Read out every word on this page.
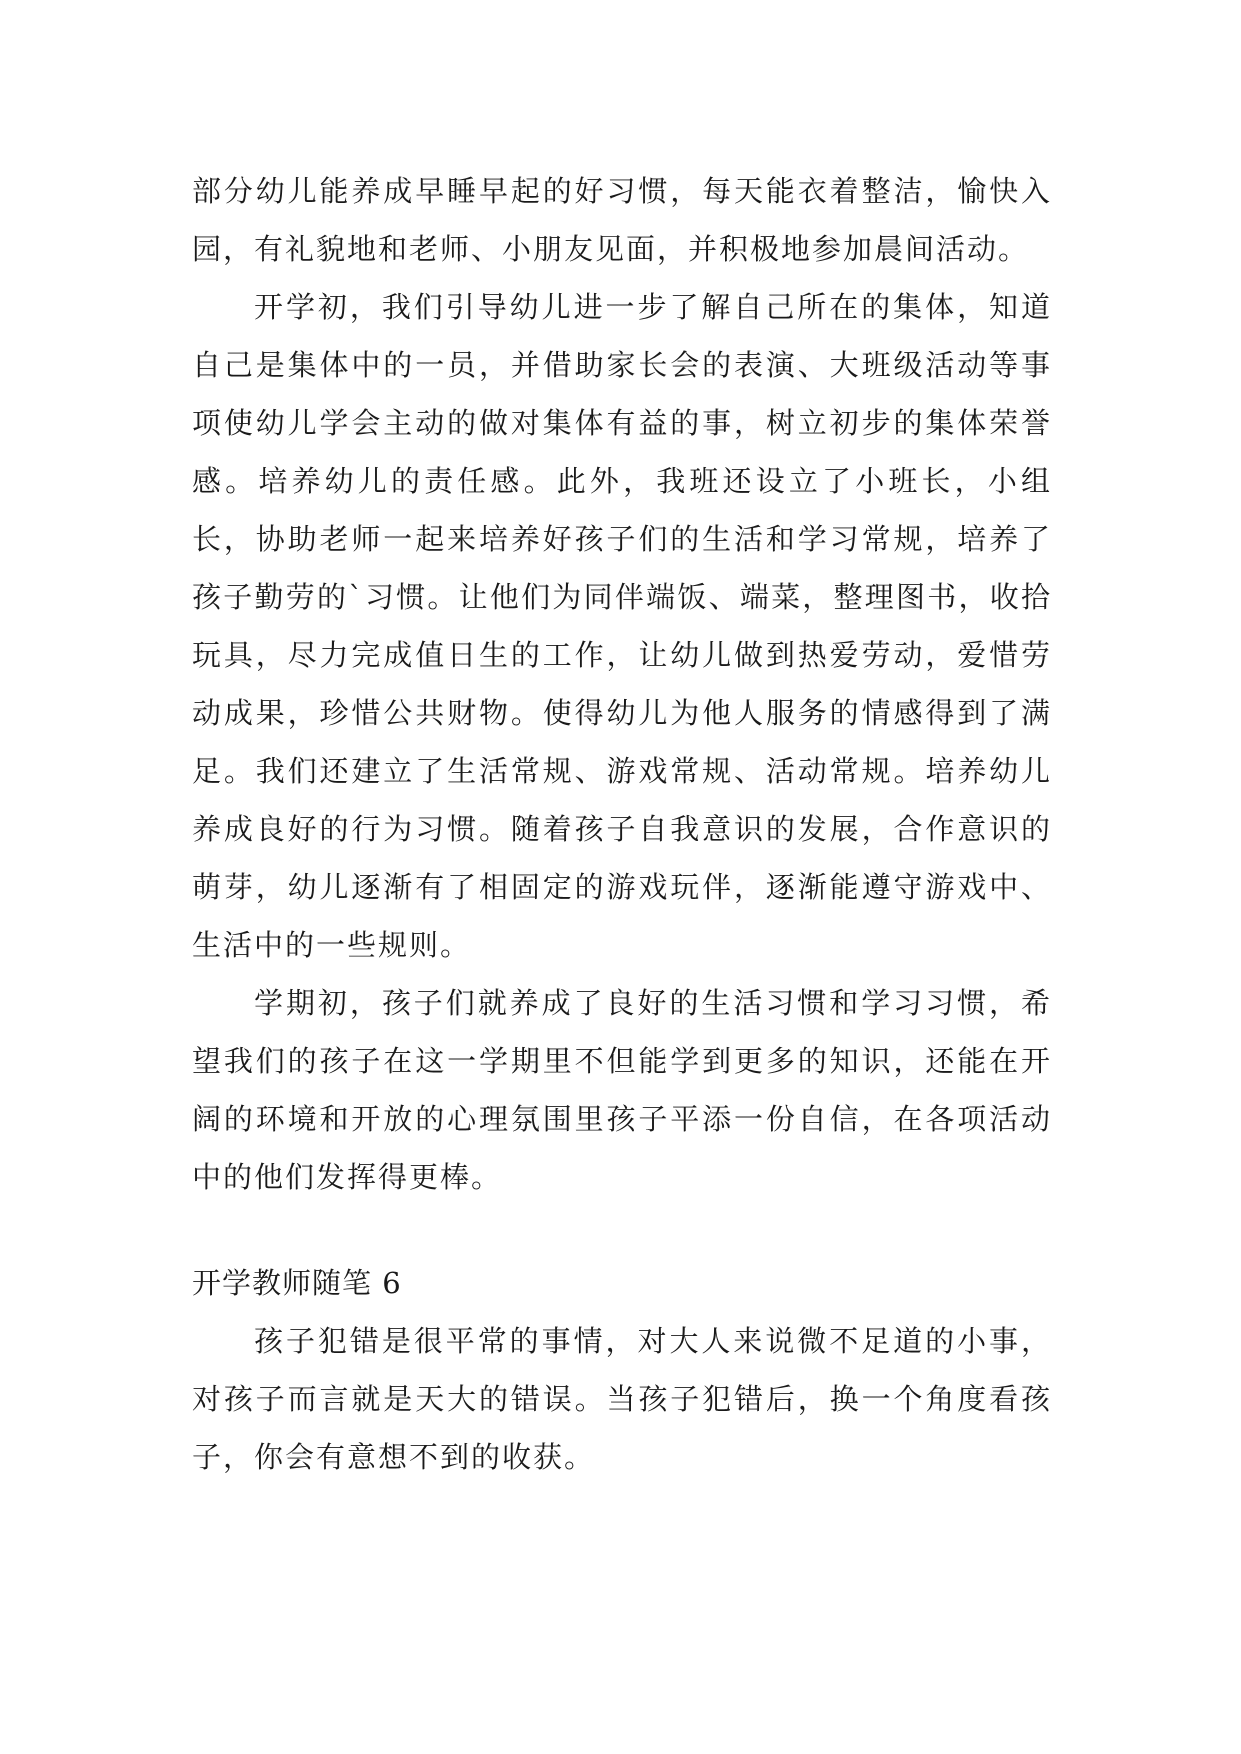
部分幼儿能养成早睡早起的好习惯，每天能衣着整洁，愉快入园，有礼貌地和老师、小朋友见面，并积极地参加晨间活动。

开学初，我们引导幼儿进一步了解自己所在的集体，知道自己是集体中的一员，并借助家长会的表演、大班级活动等事项使幼儿学会主动的做对集体有益的事，树立初步的集体荣誉感。培养幼儿的责任感。此外，我班还设立了小班长，小组长，协助老师一起来培养好孩子们的生活和学习常规，培养了孩子勤劳的`习惯。让他们为同伴端饭、端菜，整理图书，收拾玩具，尽力完成值日生的工作，让幼儿做到热爱劳动，爱惜劳动成果，珍惜公共财物。使得幼儿为他人服务的情感得到了满足。我们还建立了生活常规、游戏常规、活动常规。培养幼儿养成良好的行为习惯。随着孩子自我意识的发展，合作意识的萌芽，幼儿逐渐有了相固定的游戏玩伴，逐渐能遵守游戏中、生活中的一些规则。

学期初，孩子们就养成了良好的生活习惯和学习习惯，希望我们的孩子在这一学期里不但能学到更多的知识，还能在开阔的环境和开放的心理氛围里孩子平添一份自信，在各项活动中的他们发挥得更棒。

开学教师随笔 6

孩子犯错是很平常的事情，对大人来说微不足道的小事，对孩子而言就是天大的错误。当孩子犯错后，换一个角度看孩子，你会有意想不到的收获。
